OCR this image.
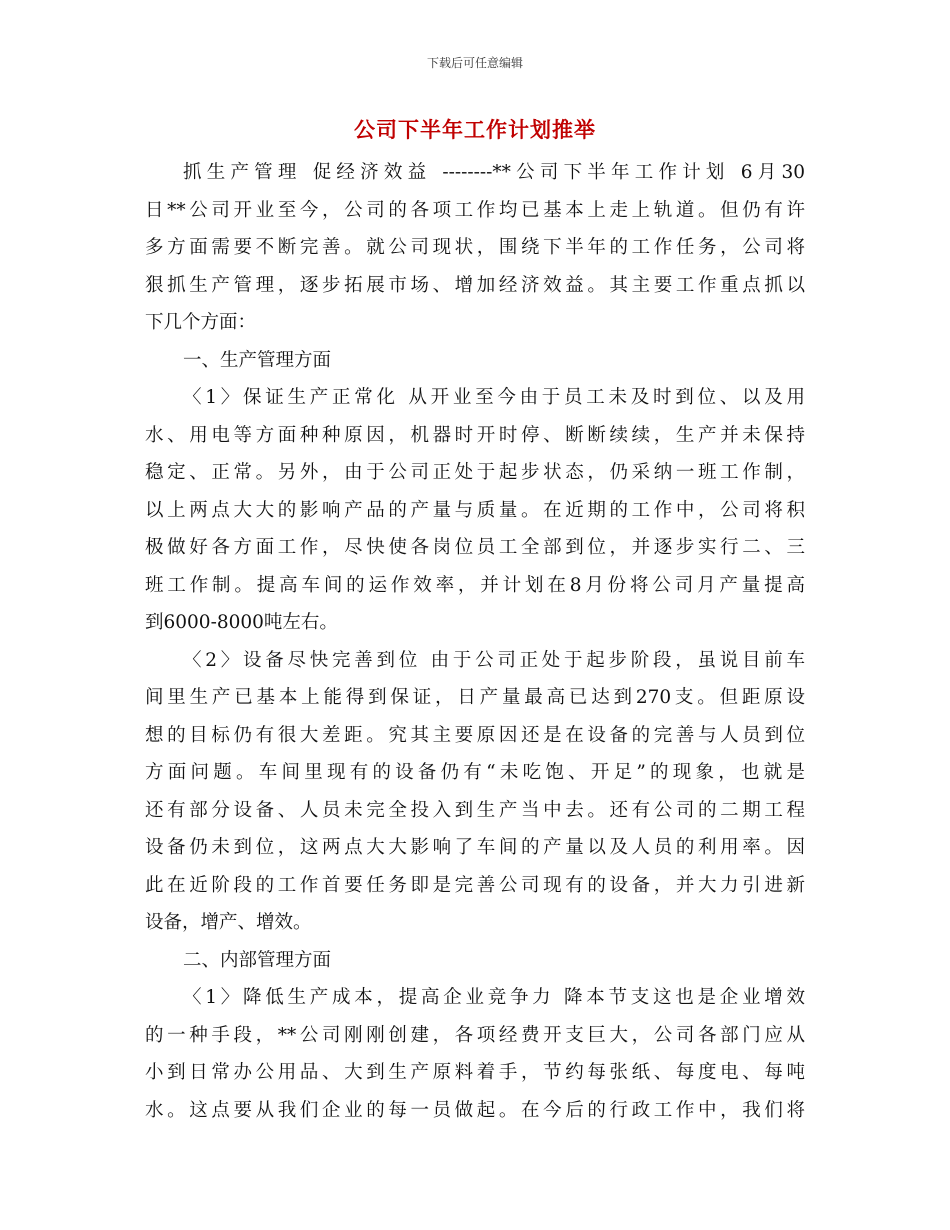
下载后可任意编辑
公司下半年工作计划推举
抓生产管理 促经济效益 --------**公司下半年工作计划 6月30
日**公司开业至今，公司的各项工作均已基本上走上轨道。但仍有许
多方面需要不断完善。就公司现状，围绕下半年的工作任务，公司将
狠抓生产管理，逐步拓展市场、增加经济效益。其主要工作重点抓以
下几个方面：
一、生产管理方面
〈1〉保证生产正常化 从开业至今由于员工未及时到位、以及用
水、用电等方面种种原因，机器时开时停、断断续续，生产并未保持
稳定、正常。另外，由于公司正处于起步状态，仍采纳一班工作制，
以上两点大大的影响产品的产量与质量。在近期的工作中，公司将积
极做好各方面工作，尽快使各岗位员工全部到位，并逐步实行二、三
班工作制。提高车间的运作效率，并计划在8月份将公司月产量提高
到6000-8000吨左右。
〈2〉设备尽快完善到位 由于公司正处于起步阶段，虽说目前车
间里生产已基本上能得到保证，日产量最高已达到270支。但距原设
想的目标仍有很大差距。究其主要原因还是在设备的完善与人员到位
方面问题。车间里现有的设备仍有“未吃饱、开足”的现象，也就是
还有部分设备、人员未完全投入到生产当中去。还有公司的二期工程
设备仍未到位，这两点大大影响了车间的产量以及人员的利用率。因
此在近阶段的工作首要任务即是完善公司现有的设备，并大力引进新
设备，增产、增效。
二、内部管理方面
〈1〉降低生产成本，提高企业竞争力 降本节支这也是企业增效
的一种手段，**公司刚刚创建，各项经费开支巨大，公司各部门应从
小到日常办公用品、大到生产原料着手，节约每张纸、每度电、每吨
水。这点要从我们企业的每一员做起。在今后的行政工作中，我们将
